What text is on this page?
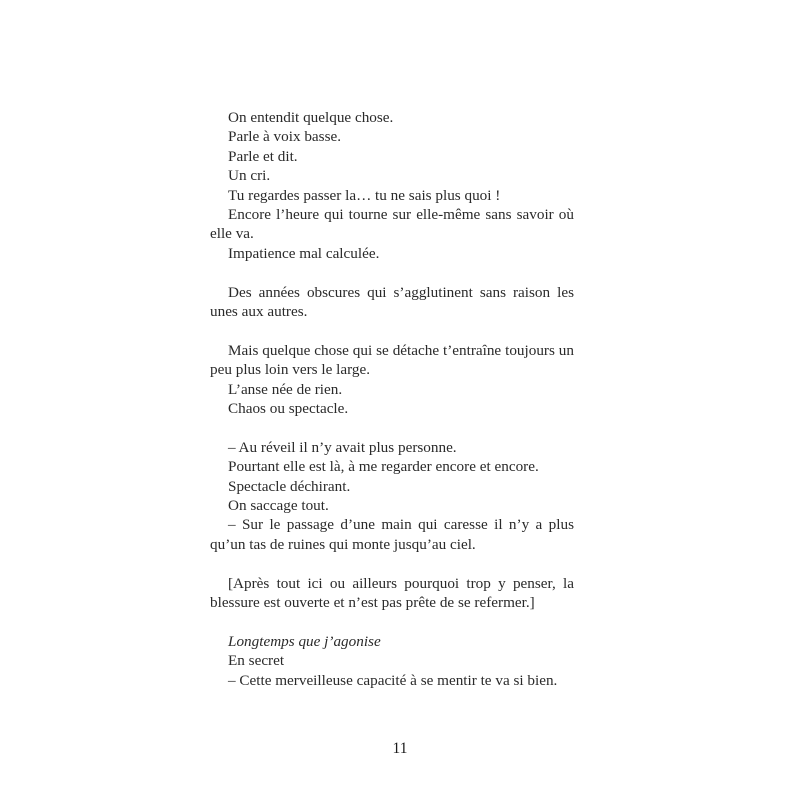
On entendit quelque chose.
Parle à voix basse.
Parle et dit.
Un cri.
Tu regardes passer la… tu ne sais plus quoi !

Encore l’heure qui tourne sur elle-même sans savoir où elle va.

Impatience mal calculée.

Des années obscures qui s’agglutinent sans raison les unes aux autres.

Mais quelque chose qui se détache t’entraîne toujours un peu plus loin vers le large.

L’anse née de rien.
Chaos ou spectacle.
– Au réveil il n’y avait plus personne.
Pourtant elle est là, à me regarder encore et encore.
Spectacle déchirant.
On saccage tout.

– Sur le passage d’une main qui caresse il n’y a plus qu’un tas de ruines qui monte jusqu’au ciel.

[Après tout ici ou ailleurs pourquoi trop y penser, la blessure est ouverte et n’est pas prête de se refermer.]

Longtemps que j’agonise
En secret
– Cette merveilleuse capacité à se mentir te va si bien.
11
